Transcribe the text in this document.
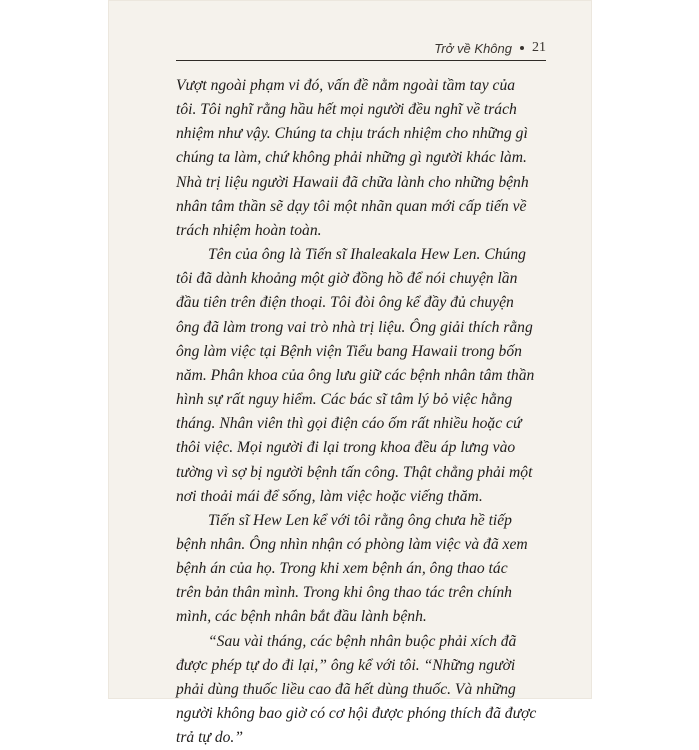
Trở về Không 21

Vượt ngoài phạm vi đó, vấn đề nằm ngoài tầm tay của
tôi. Tôi nghĩ rằng hầu hết mọi người đều nghĩ về trách
nhiệm như vậy. Chúng ta chịu trách nhiệm cho những gì
chúng ta làm, chứ không phải những gì người khác làm.
Nhà trị liệu người Hawaii đã chữa lành cho những bệnh
nhân tâm thần sẽ dạy tôi một nhãn quan mới cấp tiến về
trách nhiệm hoàn toàn.

Tên của ông là Tiến sĩ Ihaleakala Hew Len. Chúng
tôi đã dành khoảng một giờ đồng hồ để nói chuyện lần
đầu tiên trên điện thoại. Tôi đòi ông kể đầy đủ chuyện
ông đã làm trong vai trò nhà trị liệu. Ông giải thích rằng
ông làm việc tại Bệnh viện Tiểu bang Hawaii trong bốn
năm. Phân khoa của ông lưu giữ các bệnh nhân tâm thần
hình sự rất nguy hiểm. Các bác sĩ tâm lý bỏ việc hằng
tháng. Nhân viên thì gọi điện cáo ốm rất nhiều hoặc cứ
thôi việc. Mọi người đi lại trong khoa đều áp lưng vào
tường vì sợ bị người bệnh tấn công. Thật chẳng phải một
nơi thoải mái để sống, làm việc hoặc viếng thăm.

Tiến sĩ Hew Len kể với tôi rằng ông chưa hề tiếp
bệnh nhân. Ông nhìn nhận có phòng làm việc và đã xem
bệnh án của họ. Trong khi xem bệnh án, ông thao tác
trên bản thân mình. Trong khi ông thao tác trên chính
mình, các bệnh nhân bắt đầu lành bệnh.

“Sau vài tháng, các bệnh nhân buộc phải xích đã
được phép tự do đi lại,” ông kể với tôi. “Những người
phải dùng thuốc liều cao đã hết dùng thuốc. Và những
người không bao giờ có cơ hội được phóng thích đã được
trả tự do.”
